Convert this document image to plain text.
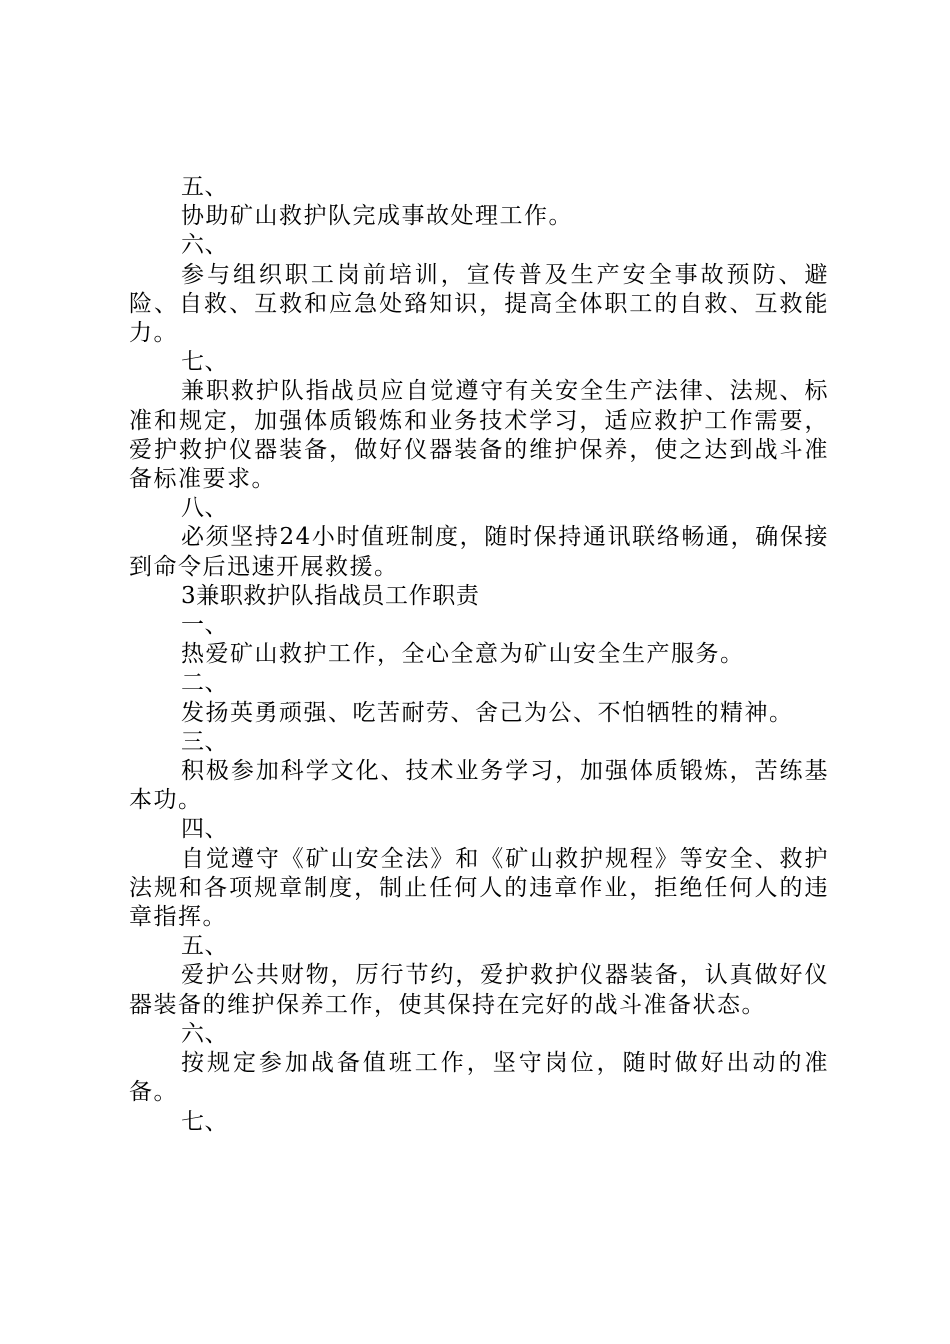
五、

协助矿山救护队完成事故处理工作。

六、

参与组织职工岗前培训，宣传普及生产安全事故预防、避险、自救、互救和应急处臵知识，提高全体职工的自救、互救能力。

七、

兼职救护队指战员应自觉遵守有关安全生产法律、法规、标准和规定，加强体质锻炼和业务技术学习，适应救护工作需要，爱护救护仪器装备，做好仪器装备的维护保养，使之达到战斗准备标准要求。

八、

必须坚持24小时值班制度，随时保持通讯联络畅通，确保接到命令后迅速开展救援。

3兼职救护队指战员工作职责

一、

热爱矿山救护工作，全心全意为矿山安全生产服务。

二、

发扬英勇顽强、吃苦耐劳、舍己为公、不怕牺牲的精神。

三、

积极参加科学文化、技术业务学习，加强体质锻炼，苦练基本功。

四、

自觉遵守《矿山安全法》和《矿山救护规程》等安全、救护法规和各项规章制度，制止任何人的违章作业，拒绝任何人的违章指挥。

五、

爱护公共财物，厉行节约，爱护救护仪器装备，认真做好仪器装备的维护保养工作，使其保持在完好的战斗准备状态。

六、

按规定参加战备值班工作，坚守岗位，随时做好出动的准备。

七、
